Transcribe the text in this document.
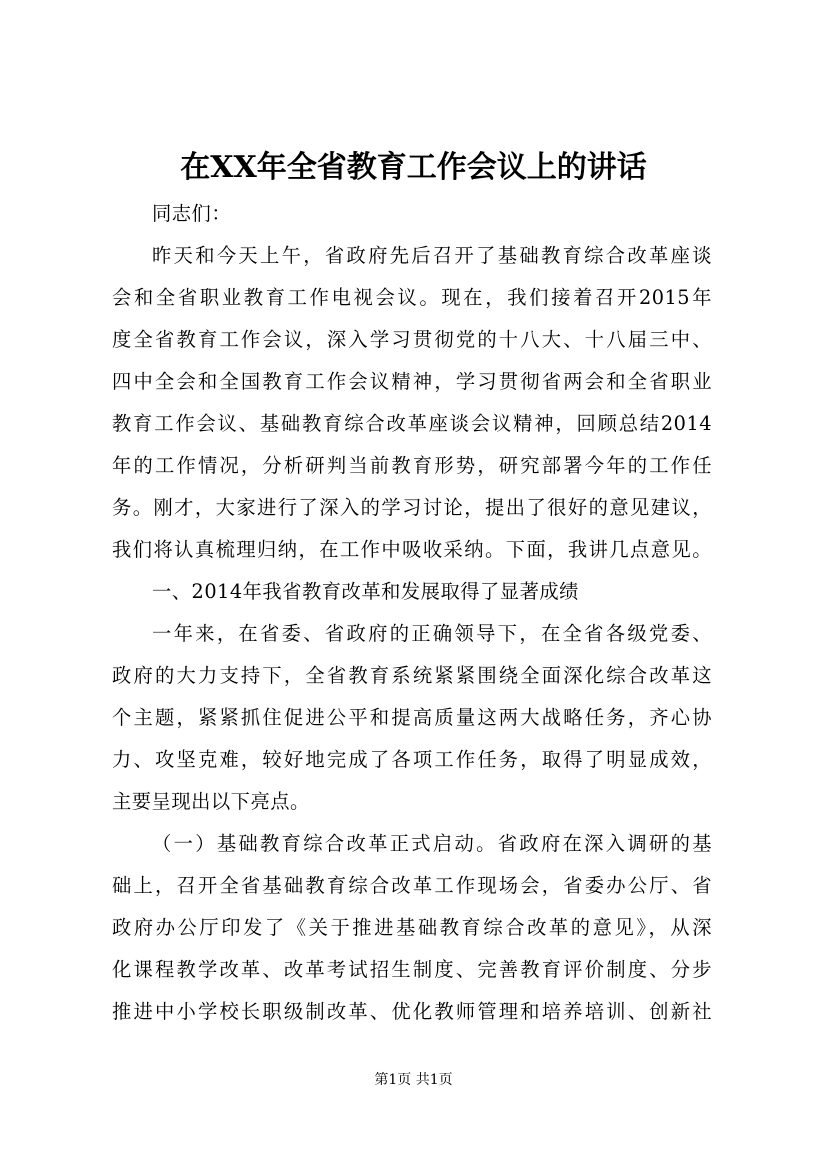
在XX年全省教育工作会议上的讲话
同志们：
昨天和今天上午，省政府先后召开了基础教育综合改革座谈
会和全省职业教育工作电视会议。现在，我们接着召开2015年
度全省教育工作会议，深入学习贯彻党的十八大、十八届三中、
四中全会和全国教育工作会议精神，学习贯彻省两会和全省职业
教育工作会议、基础教育综合改革座谈会议精神，回顾总结2014
年的工作情况，分析研判当前教育形势，研究部署今年的工作任
务。刚才，大家进行了深入的学习讨论，提出了很好的意见建议，
我们将认真梳理归纳，在工作中吸收采纳。下面，我讲几点意见。
一、2014年我省教育改革和发展取得了显著成绩
一年来，在省委、省政府的正确领导下，在全省各级党委、
政府的大力支持下，全省教育系统紧紧围绕全面深化综合改革这
个主题，紧紧抓住促进公平和提高质量这两大战略任务，齐心协
力、攻坚克难，较好地完成了各项工作任务，取得了明显成效，
主要呈现出以下亮点。
（一）基础教育综合改革正式启动。省政府在深入调研的基
础上，召开全省基础教育综合改革工作现场会，省委办公厅、省
政府办公厅印发了《关于推进基础教育综合改革的意见》，从深
化课程教学改革、改革考试招生制度、完善教育评价制度、分步
推进中小学校长职级制改革、优化教师管理和培养培训、创新社
第1页 共1页
